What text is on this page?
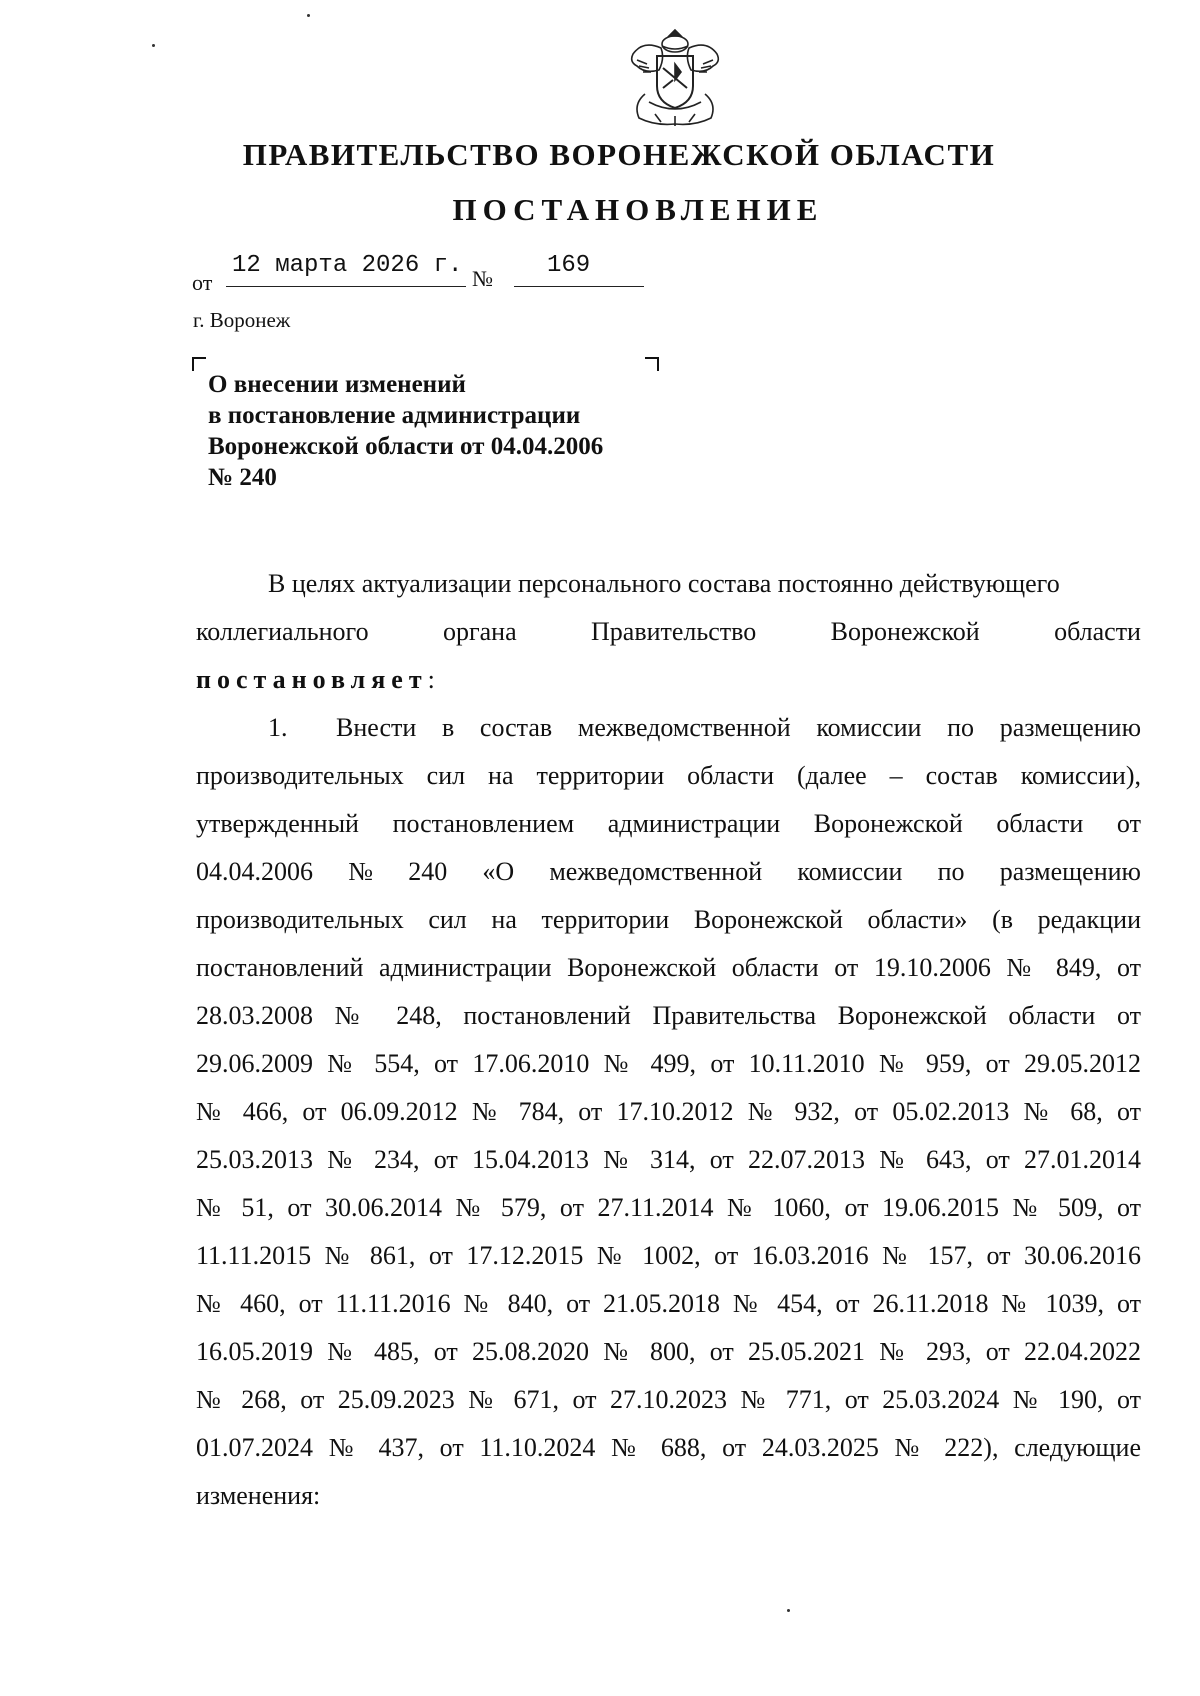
ПРАВИТЕЛЬСТВО ВОРОНЕЖСКОЙ ОБЛАСТИ
ПОСТАНОВЛЕНИЕ
от
12 марта 2026 г. № 169
г. Воронеж
О внесении изменений
в постановление администрации
Воронежской области от 04.04.2006
№ 240
В целях актуализации персонального состава постоянно действующего
коллегиального	органа	Правительство	Воронежской	области
постановляет :
1.	Внести в состав межведомственной комиссии по размещению
производительных сил на территории области (далее – состав комиссии),
утвержденный постановлением администрации Воронежской области от
04.04.2006 № 240 «О межведомственной комиссии по размещению
производительных сил на территории Воронежской области» (в редакции
постановлений администрации Воронежской области от 19.10.2006 № 849, от
28.03.2008 № 248, постановлений Правительства Воронежской области от
29.06.2009 № 554, от 17.06.2010 № 499, от 10.11.2010 № 959, от 29.05.2012
№ 466, от 06.09.2012 № 784, от 17.10.2012 № 932, от 05.02.2013 № 68, от
25.03.2013 № 234, от 15.04.2013 № 314, от 22.07.2013 № 643, от 27.01.2014
№ 51, от 30.06.2014 № 579, от 27.11.2014 № 1060, от 19.06.2015 № 509, от
11.11.2015 № 861, от 17.12.2015 № 1002, от 16.03.2016 № 157, от 30.06.2016
№ 460, от 11.11.2016 № 840, от 21.05.2018 № 454, от 26.11.2018 № 1039, от
16.05.2019 № 485, от 25.08.2020 № 800, от 25.05.2021 № 293, от 22.04.2022
№ 268, от 25.09.2023 № 671, от 27.10.2023 № 771, от 25.03.2024 № 190, от
01.07.2024 № 437, от 11.10.2024 № 688, от 24.03.2025 № 222), следующие
изменения:
